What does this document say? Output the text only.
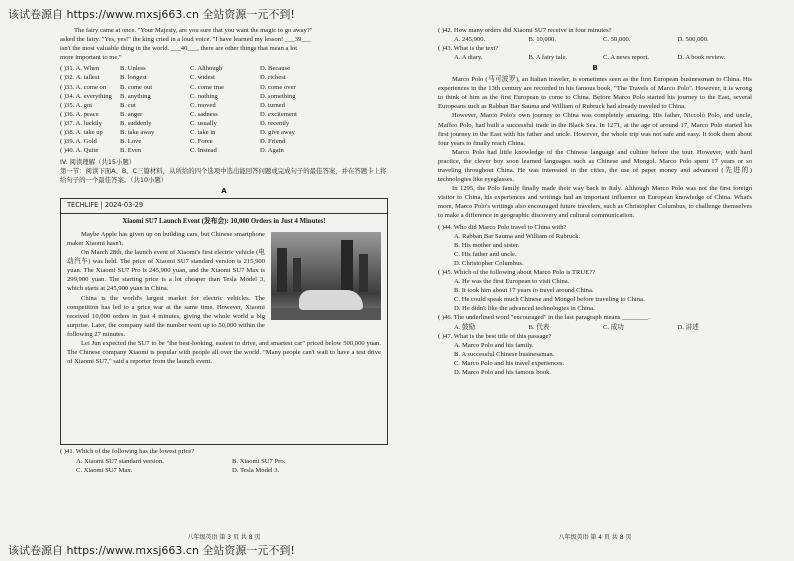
该试卷源自 https://www.mxsj663.cn 全站资源一元不到!

The fairy came at once. "Your Majesty, are you sure that you want the magic to go away?"

asked the fairy. "Yes, yes!" the king cried in a loud voice. "I have learned my lesson! ___39___

isn't the most valuable thing in the world. ___40___, there are other things that mean a lot

more important to me."

( )31. A. When	B. Unless	C. Although	D. Because
( )32. A. tallest	B. longest	C. widest	D. richest
( )33. A. come on	B. come out	C. come true	D. come over
( )34. A. everything	B. anything	C. nothing	D. something
( )35. A. got	B. cut	C. moved	D. turned
( )36. A. peace	B. anger	C. sadness	D. excitement
( )37. A. luckily	B. suddenly	C. usually	D. recently
( )38. A. take up	B. take away	C. take in	D. give away
( )39. A. Gold	B. Love	C. Force	D. Friend
( )40. A. Quite	B. Even	C. Instead	D. Again
IV. 阅读理解（共15小题）
第一节：阅读下面A、B、C三篇材料，从所给的四个选项中选出能回答问题或完成句子的最佳答案，并在答题卡上将
给句子的一个最佳答案。（共10小题）
A
TECHLIFE | 2024-03-29
Xiaomi SU7 Launch Event (发布会): 10,000 Orders in Just 4 Minutes!

Maybe Apple has given up on building cars, but Chinese smartphone maker Xiaomi hasn't.

On March 28th, the launch event of Xiaomi's first electric vehicle (电动汽车) was held. The price of Xiaomi SU7 standard version is 215,900 yuan. The Xiaomi SU7 Pro is 245,900 yuan, and the Xiaomi SU7 Max is 299,900 yuan. The starting price is a lot cheaper than Tesla Model 3, which starts at 245,900 yuan in China.

China is the world's largest market for electric vehicles. The competition has led to a price war at the same time. However, Xiaomi received 10,000 orders in just 4 minutes, giving the whole world a big surprise. Later, the company said the number went up to 50,000 within the following 27 minutes.

Lei Jun expected the SU7 to be "the best-looking, easiest to drive, and smartest car" priced below 500,000 yuan. The Chinese company Xiaomi is popular with people all over the world. "Many people can't wait to have a test drive of Xiaomi SU7," said a reporter from the launch event.

( )41. Which of the following has the lowest price?
A. Xiaomi SU7 standard version.	B. Xiaomi SU7 Pro.
C. Xiaomi SU7 Max.	D. Tesla Model 3.
八年级英语 第 3 页 共 8 页
( )42. How many orders did Xiaomi SU7 receive in four minutes?
A. 245,900.	B. 10,000.	C. 50,000.	D. 500,000.
( )43. What is the text?
A. A diary.	B. A fairy tale.	C. A news report.	D. A book review.
B

Marco Polo (马可波罗), an Italian traveler, is sometimes seen as the first European businessman to China. His experiences in the 13th century are recorded in his famous book, "The Travels of Marco Polo". However, it is wrong to think of him as the first European to come to China. Before Marco Polo started his journey to the East, several Europeans such as Rabban Bar Sauma and William of Rubruck had already traveled to China.

However, Marco Polo's own journey to China was completely amazing. His father, Niccolò Polo, and uncle, Maffeo Polo, had built a successful trade in the Black Sea. In 1271, at the age of around 17, Marco Polo started his first journey to the East with his father and uncle. However, the whole trip was not safe and easy. It took them about four years to finally reach China.

Marco Polo had little knowledge of the Chinese language and culture before the tour. However, with hard practice, the clever boy soon learned languages such as Chinese and Mongol. Marco Polo spent 17 years or so traveling throughout China. He was interested in the cities, the use of paper money and advanced (先进的) technologies like eyeglasses.

In 1295, the Polo family finally made their way back to Italy. Although Marco Polo was not the first foreign visitor to China, his experiences and writings had an important influence on European knowledge of China. What's more, Marco Polo's writings also encouraged future travelers, such as Christopher Columbus, to challenge themselves to make a difference in geographic discovery and cultural communication.

( )44. Who did Marco Polo travel to China with?
A. Rabban Bar Sauma and William of Rubruck.
B. His mother and sister.
C. His father and uncle.
D. Christopher Columbus.
( )45. Which of the following about Marco Polo is TRUE??
A. He was the first European to visit China.
B. It took him about 17 years to travel around China.
C. He could speak much Chinese and Mongol before traveling to China.
D. He didn't like the advanced technologies in China.
( )46. The underlined word "encouraged" in the last paragraph means ________.
A. 鼓励	B. 代表	C. 成功	D. 讲述
( )47. What is the best title of this passage?
A. Marco Polo and his family.
B. A successful Chinese businessman.
C. Marco Polo and his travel experiences.
D. Marco Polo and his famous book.
八年级英语 第 4 页 共 8 页
该试卷源自 https://www.mxsj663.cn 全站资源一元不到!
